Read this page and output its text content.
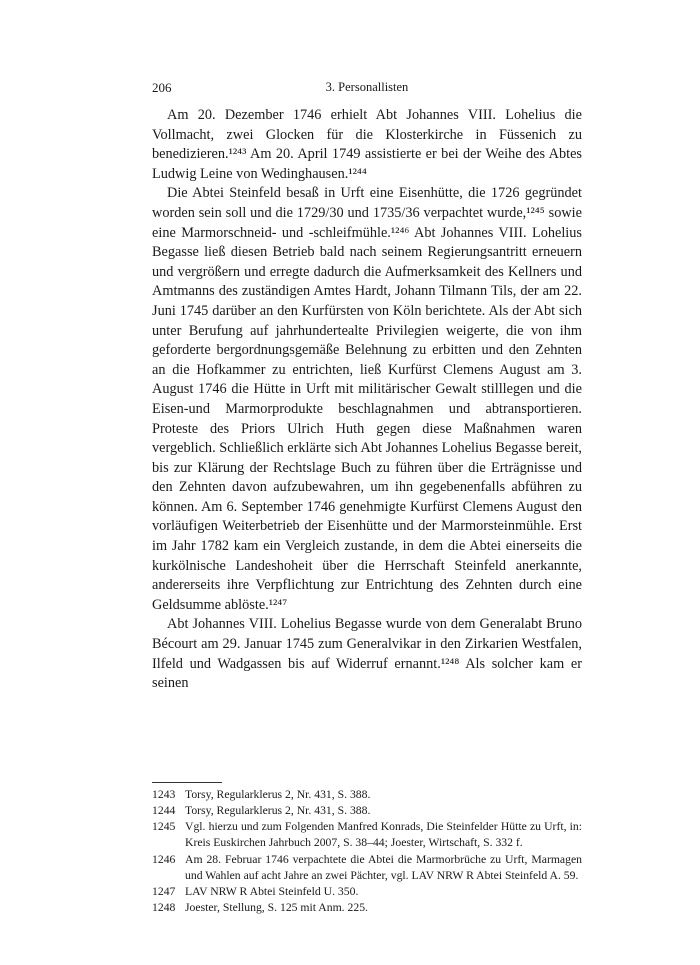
206	3. Personallisten

Am 20. Dezember 1746 erhielt Abt Johannes VIII. Lohelius die Vollmacht, zwei Glocken für die Klosterkirche in Füssenich zu benedizieren.¹²⁴³ Am 20. April 1749 assistierte er bei der Weihe des Abtes Ludwig Leine von Wedinghausen.¹²⁴⁴

Die Abtei Steinfeld besaß in Urft eine Eisenhütte, die 1726 gegründet worden sein soll und die 1729/30 und 1735/36 verpachtet wurde,¹²⁴⁵ sowie eine Marmorschneid- und -schleifmühle.¹²⁴⁶ Abt Johannes VIII. Lohelius Begasse ließ diesen Betrieb bald nach seinem Regierungsantritt erneuern und vergrößern und erregte dadurch die Aufmerksamkeit des Kellners und Amtmanns des zuständigen Amtes Hardt, Johann Tilmann Tils, der am 22. Juni 1745 darüber an den Kurfürsten von Köln berichtete. Als der Abt sich unter Berufung auf jahrhundertealte Privilegien weigerte, die von ihm geforderte bergordnungsgemäße Belehnung zu erbitten und den Zehnten an die Hofkammer zu entrichten, ließ Kurfürst Clemens August am 3. August 1746 die Hütte in Urft mit militärischer Gewalt stilllegen und die Eisen-und Marmorprodukte beschlagnahmen und abtransportieren. Proteste des Priors Ulrich Huth gegen diese Maßnahmen waren vergeblich. Schließlich erklärte sich Abt Johannes Lohelius Begasse bereit, bis zur Klärung der Rechtslage Buch zu führen über die Erträgnisse und den Zehnten davon aufzubewahren, um ihn gegebenenfalls abführen zu können. Am 6. September 1746 genehmigte Kurfürst Clemens August den vorläufigen Weiterbetrieb der Eisenhütte und der Marmorsteinmühle. Erst im Jahr 1782 kam ein Vergleich zustande, in dem die Abtei einerseits die kurkölnische Landeshoheit über die Herrschaft Steinfeld anerkannte, andererseits ihre Verpflichtung zur Entrichtung des Zehnten durch eine Geldsumme ablöste.¹²⁴⁷

Abt Johannes VIII. Lohelius Begasse wurde von dem Generalabt Bruno Bécourt am 29. Januar 1745 zum Generalvikar in den Zirkarien Westfalen, Ilfeld und Wadgassen bis auf Widerruf ernannt.¹²⁴⁸ Als solcher kam er seinen

1243 Torsy, Regularklerus 2, Nr. 431, S. 388.
1244 Torsy, Regularklerus 2, Nr. 431, S. 388.
1245 Vgl. hierzu und zum Folgenden Manfred Konrads, Die Steinfelder Hütte zu Urft, in: Kreis Euskirchen Jahrbuch 2007, S. 38–44; Joester, Wirtschaft, S. 332 f.
1246 Am 28. Februar 1746 verpachtete die Abtei die Marmorbrüche zu Urft, Marmagen und Wahlen auf acht Jahre an zwei Pächter, vgl. LAV NRW R Abtei Steinfeld A. 59.
1247 LAV NRW R Abtei Steinfeld U. 350.
1248 Joester, Stellung, S. 125 mit Anm. 225.
